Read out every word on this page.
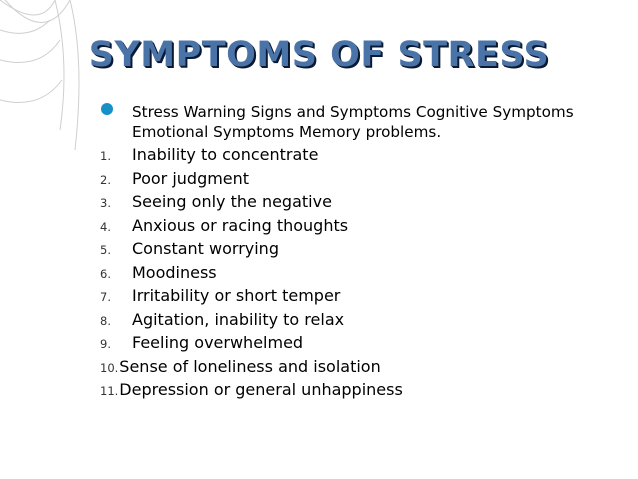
SYMPTOMS OF STRESS
Stress Warning Signs and Symptoms Cognitive Symptoms Emotional Symptoms Memory problems.
1.	Inability to concentrate
2.	Poor judgment
3.	Seeing only the negative
4.	Anxious or racing thoughts
5.	Constant worrying
6.	Moodiness
7.	Irritability or short temper
8.	Agitation, inability to relax
9.	Feeling overwhelmed
10. Sense of loneliness and isolation
11. Depression or general unhappiness
